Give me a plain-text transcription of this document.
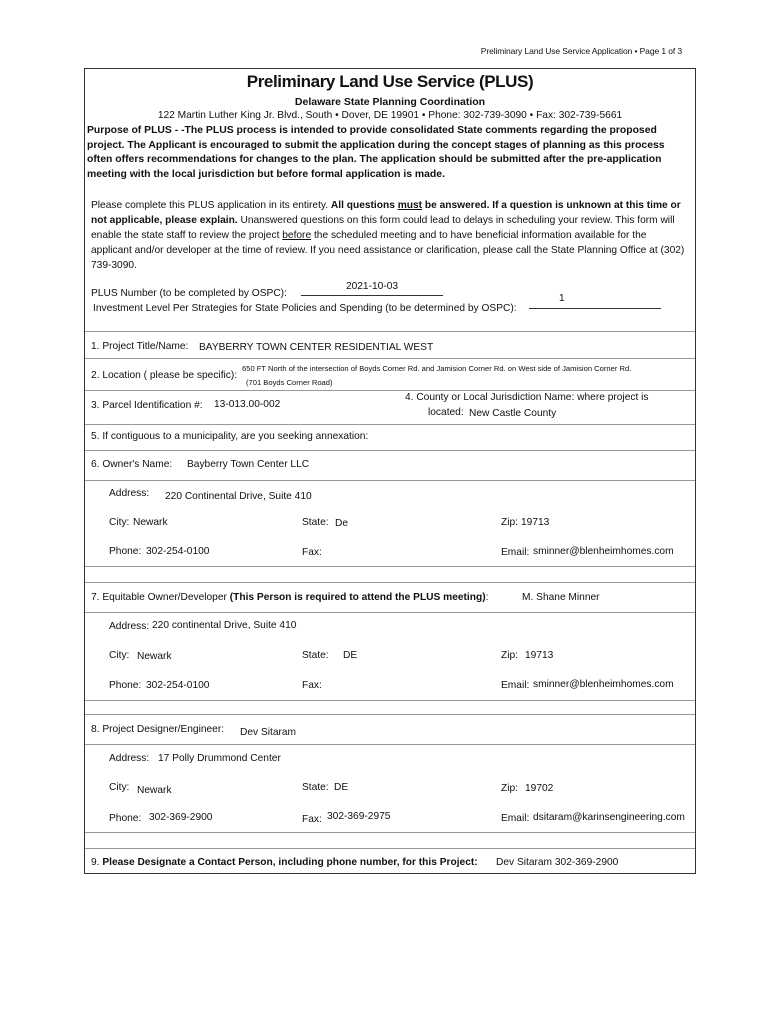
Preliminary Land Use Service Application • Page 1 of 3
Preliminary Land Use Service (PLUS)
Delaware State Planning Coordination
122 Martin Luther King Jr. Blvd., South • Dover, DE 19901 • Phone: 302-739-3090 • Fax: 302-739-5661
Purpose of PLUS - -The PLUS process is intended to provide consolidated State comments regarding the proposed project. The Applicant is encouraged to submit the application during the concept stages of planning as this process often offers recommendations for changes to the plan. The application should be submitted after the pre-application meeting with the local jurisdiction but before formal application is made.
Please complete this PLUS application in its entirety. All questions must be answered. If a question is unknown at this time or not applicable, please explain. Unanswered questions on this form could lead to delays in scheduling your review. This form will enable the state staff to review the project before the scheduled meeting and to have beneficial information available for the applicant and/or developer at the time of review. If you need assistance or clarification, please call the State Planning Office at (302) 739-3090.
PLUS Number (to be completed by OSPC):
2021-10-03
Investment Level Per Strategies for State Policies and Spending (to be determined by OSPC):
1
1. Project Title/Name: BAYBERRY TOWN CENTER RESIDENTIAL WEST
2. Location ( please be specific):
650 FT North of the intersection of Boyds Corner Rd. and Jamision Corner Rd. on West side of Jamision Corner Rd.
(701 Boyds Corner Road)
3. Parcel Identification #: 13-013.00-002
4. County or Local Jurisdiction Name: where project is
located: New Castle County
5. If contiguous to a municipality, are you seeking annexation:
6. Owner's Name: Bayberry Town Center LLC
Address: 220 Continental Drive, Suite 410
City: Newark	State: De	Zip: 19713
Phone: 302-254-0100	Fax:	Email: sminner@blenheimhomes.com
7. Equitable Owner/Developer (This Person is required to attend the PLUS meeting):	M. Shane Minner
Address: 220 continental Drive, Suite 410
City: Newark	State: DE	Zip: 19713
Phone: 302-254-0100	Fax:	Email: sminner@blenheimhomes.com
8. Project Designer/Engineer: Dev Sitaram
Address: 17 Polly Drummond Center
City: Newark	State: DE	Zip: 19702
Phone: 302-369-2900	Fax: 302-369-2975	Email: dsitaram@karinsengineering.com
9. Please Designate a Contact Person, including phone number, for this Project: Dev Sitaram 302-369-2900
